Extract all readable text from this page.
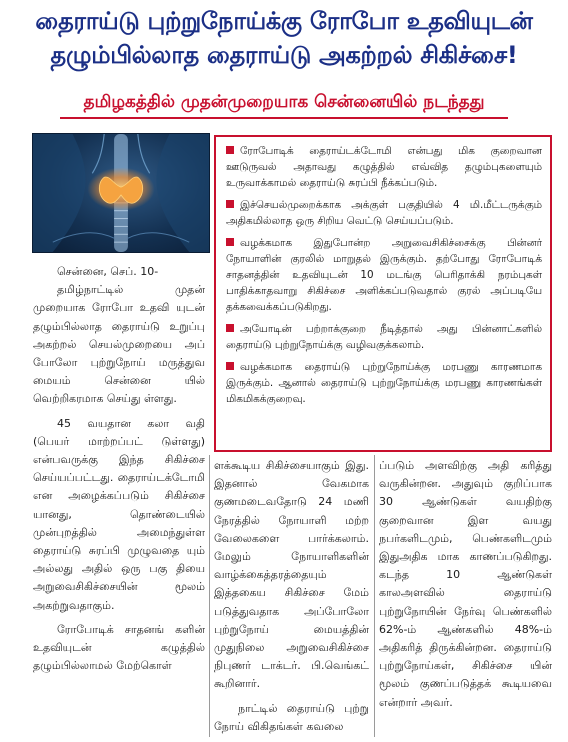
தைராய்டு புற்றுநோய்க்கு ரோபோ உதவியுடன்
தழும்பில்லாத தைராய்டு அகற்றல் சிகிச்சை!
தமிழகத்தில் முதன்முறையாக சென்னையில் நடந்தது
ரோபோடிக் தைராய்டக்டோமி என்பது மிக குறைவான ஊடுருவல் அதாவது கழுத்தில் எவ்வித தழும்புகளையும் உருவாக்காமல் தைராய்டு சுரப்பி நீக்கப்படும்.
இச்செயல்முறைக்காக அக்குள் பகுதியில் 4 மி.மீட்டருக்கும் அதிகமில்லாத ஒரு சிறிய வெட்டு செய்யப்படும்.
வழக்கமாக இதுபோன்ற அறுவைசிகிச்சைக்கு பின்னர் நோயாளின் குரலில் மாறுதல் இருக்கும். தற்போது ரோபோடிக் சாதனத்தின் உதவியுடன் 10 மடங்கு பெரிதாக்கி நரம்புகள் பாதிக்காதவாறு சிகிச்சை அளிக்கப்படுவதால் குரல் அப்படியே தக்கவைக்கப்படுகிறது.
அயோடின் பற்றாக்குறை நீடித்தால் அது பின்னாட்களில் தைராய்டு புற்றுநோய்க்கு வழிவகுக்கலாம்.
வழக்கமாக தைராய்டு புற்றுநோய்க்கு மரபணு காரணமாக இருக்கும். ஆனால் தைராய்டு புற்றுநோய்க்கு மரபணு காரணங்கள் மிகமிகக்குறைவு.

சென்னை, செப். 10-

தமிழ்நாட்டில் முதன் முறையாக ரோபோ உதவி யுடன் தழும்பில்லாத தைராய்டு உறுப்பு அகற்றல் செயல்முறையை அப் போலோ புற்றுநோய் மருத்துவ மையம் சென்னை யில் வெற்றிகரமாக செய்து ள்ளது.

45 வயதான கலா வதி (பெயர் மாற்றப்பட் டுள்ளது) என்பவருக்கு இந்த சிகிச்சை செய்யப்பட்டது. தைராய்டக்டோமி என அழைக்கப்படும் சிகிச்சை யானது, தொண்டையில் முன்புறத்தில் அமைந்துள்ள தைராய்டு சுரப்பி முழுவதை யும் அல்லது அதில் ஒரு பகு தியை அறுவைசிகிச்சையின் மூலம் அகற்றுவதாகும்.

ரோபோடிக் சாதனங் களின் உதவியுடன் கழுத்தில் தழும்பில்லாமல் மேற்கொள்

ளக்கூடிய சிகிச்சையாகும் இது. இதனால் வேகமாக குணமடைவதோடு 24 மணி நேரத்தில் நோயாளி மற்ற வேலைகளை பார்க்கலாம். மேலும் நோயாளிகளின் வாழ்க்கைத்தரத்தையும் இத்தகைய சிகிச்சை மேம் படுத்துவதாக அப்போலோ புற்றுநோய் மையத்தின் முதுநிலை அறுவைசிகிச்சை நிபுணர் டாக்டர். பி.வெங்கட் கூறினார்.

நாட்டில் தைராய்டு புற்று நோய் விகிதங்கள் கவலை

ப்படும் அளவிற்கு அதி கரித்து வருகின்றன. அதுவும் குறிப்பாக 30 ஆண்டுகள் வயதிற்கு குறைவான இள வயது நபர்களிடமும், பெண்களிடமும் இதுஅதிக மாக காணப்படுகிறது. கடந்த 10 ஆண்டுகள் காலஅளவில் தைராய்டு புற்றுநோயின் நேர்வு பெண்களில் 62%-ம் ஆண்களில் 48%-ம் அதிகரித் திருக்கின்றன. தைராய்டு புற்றுநோய்கள், சிகிச்சை யின் மூலம் குணப்படுத்தக் கூடியவை என்றார் அவர்.
